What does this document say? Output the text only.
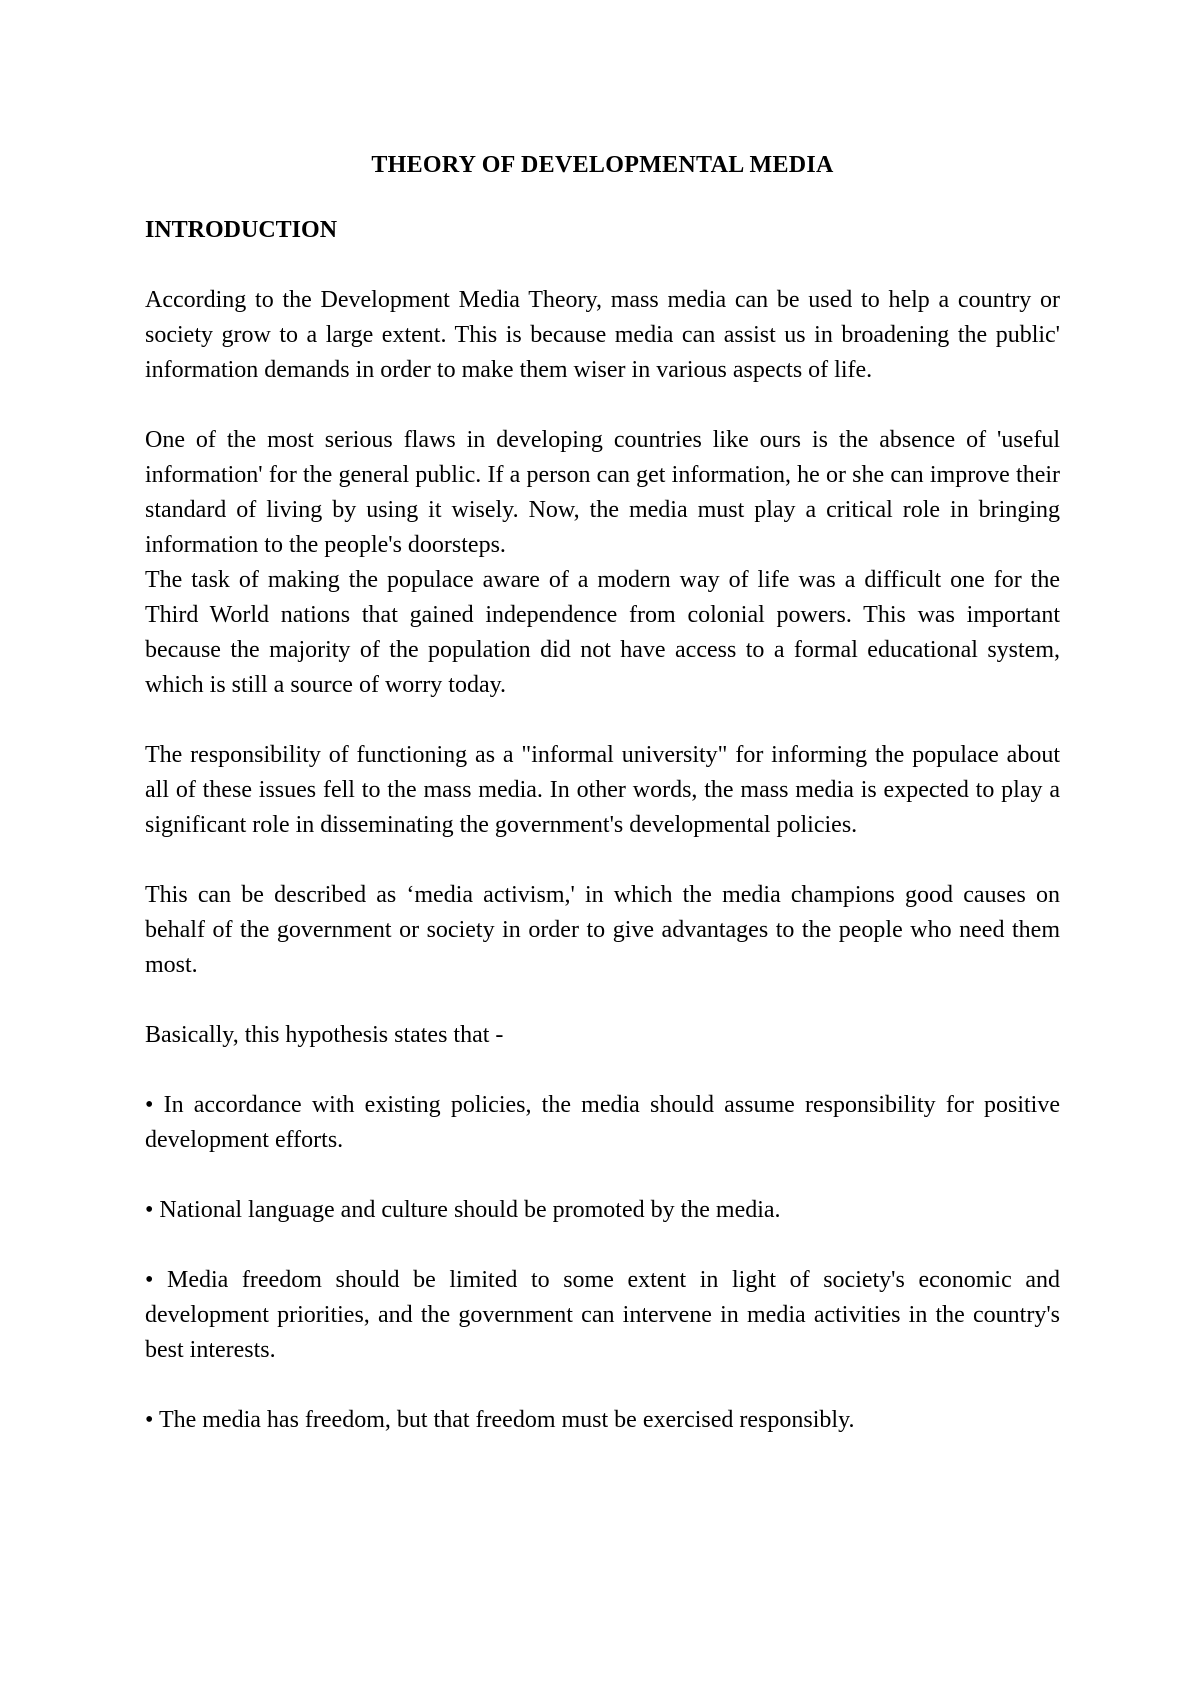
THEORY OF DEVELOPMENTAL MEDIA
INTRODUCTION

According to the Development Media Theory, mass media can be used to help a country or society grow to a large extent. This is because media can assist us in broadening the public' information demands in order to make them wiser in various aspects of life.

One of the most serious flaws in developing countries like ours is the absence of 'useful information' for the general public. If a person can get information, he or she can improve their standard of living by using it wisely. Now, the media must play a critical role in bringing information to the people's doorsteps.

The task of making the populace aware of a modern way of life was a difficult one for the Third World nations that gained independence from colonial powers. This was important because the majority of the population did not have access to a formal educational system, which is still a source of worry today.

The responsibility of functioning as a "informal university" for informing the populace about all of these issues fell to the mass media. In other words, the mass media is expected to play a significant role in disseminating the government's developmental policies.

This can be described as ‘media activism,' in which the media champions good causes on behalf of the government or society in order to give advantages to the people who need them most.

Basically, this hypothesis states that -

• In accordance with existing policies, the media should assume responsibility for positive development efforts.

• National language and culture should be promoted by the media.

• Media freedom should be limited to some extent in light of society's economic and development priorities, and the government can intervene in media activities in the country's best interests.

• The media has freedom, but that freedom must be exercised responsibly.
